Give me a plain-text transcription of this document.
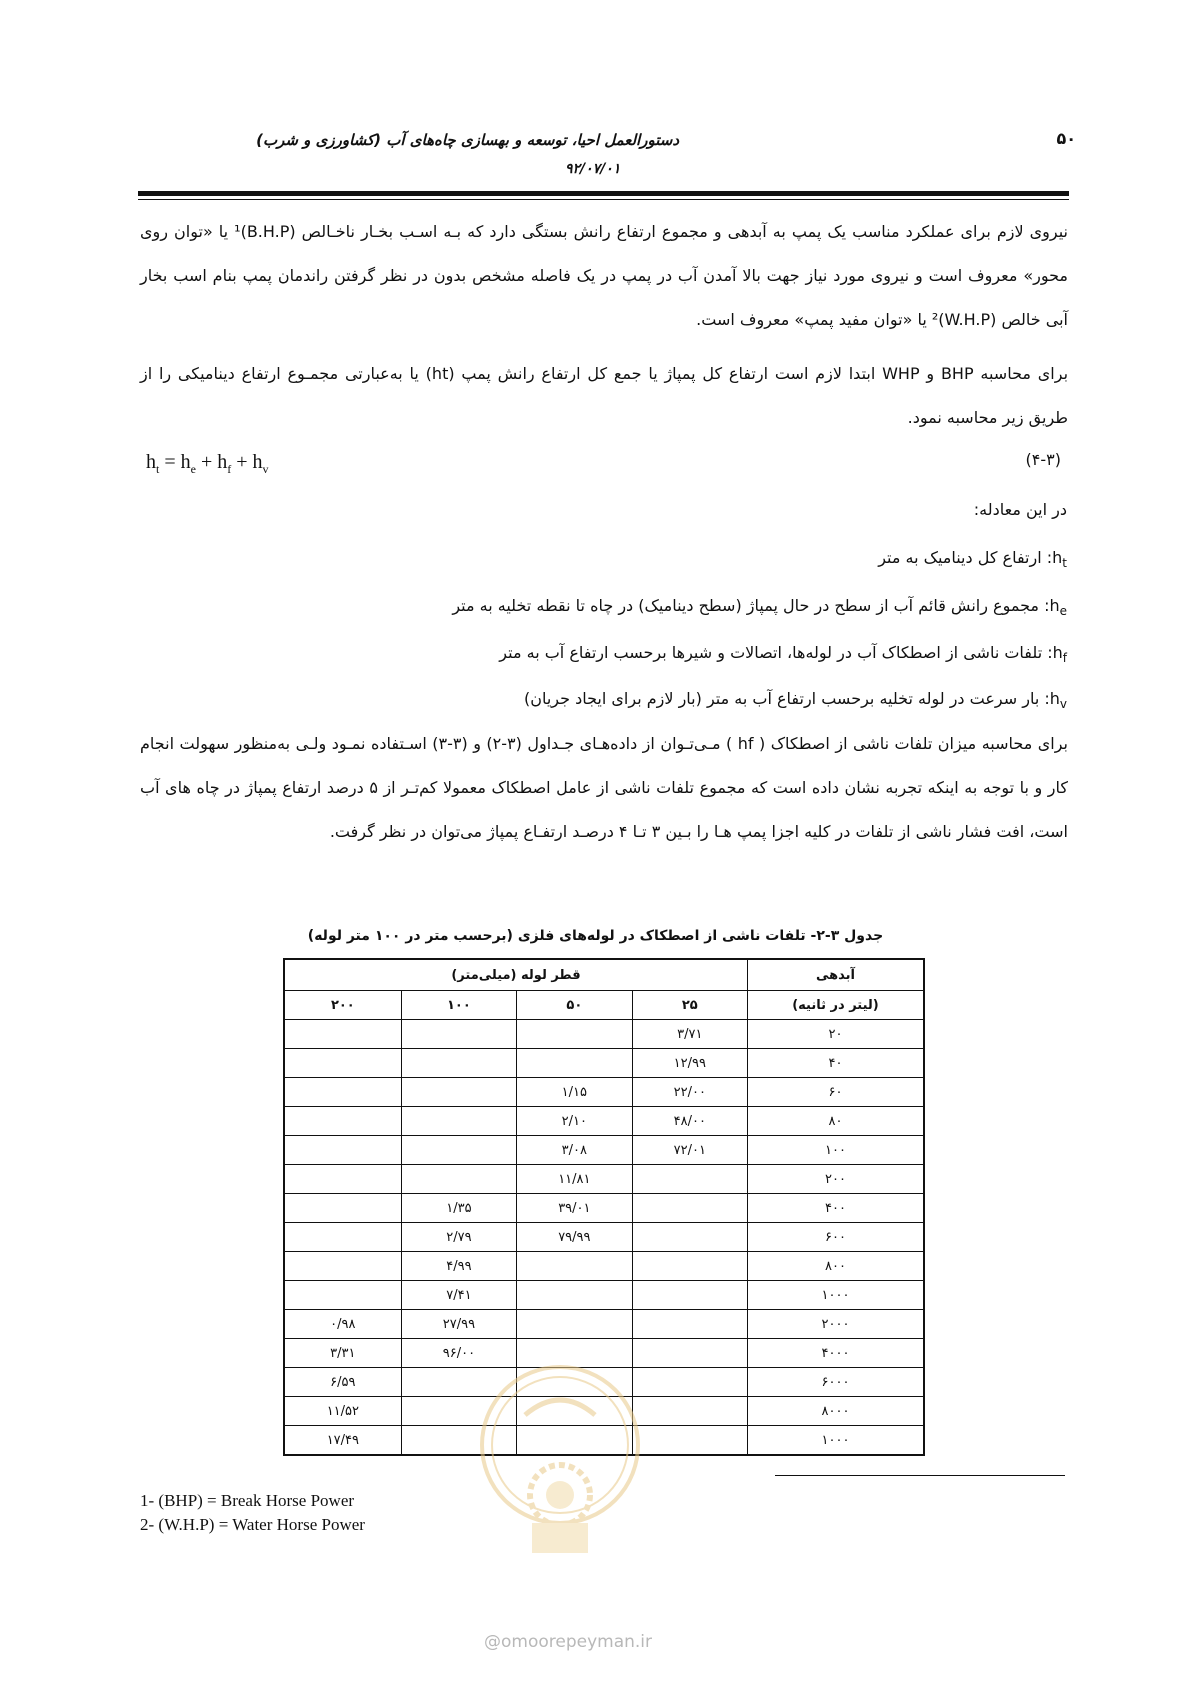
دستورالعمل احیا، توسعه و بهسازی چاه‌های آب (کشاورزی و شرب)	۵۰
۹۲/۰۷/۰۱
نیروی لازم برای عملکرد مناسب یک پمپ به آبدهی و مجموع ارتفاع رانش بستگی دارد که بـه اسـب بخـار ناخـالص (B.H.P)¹ یا «توان روی محور» معروف است و نیروی مورد نیاز جهت بالا آمدن آب در پمپ در یک فاصله مشخص بدون در نظر گرفتن راندمان پمپ بنام اسب بخار آبی خالص (W.H.P)² یا «توان مفید پمپ» معروف است.
برای محاسبه BHP و WHP ابتدا لازم است ارتفاع کل پمپاژ یا جمع کل ارتفاع رانش پمپ (ht) یا به‌عبارتی مجمـوع ارتفاع دینامیکی را از طریق زیر محاسبه نمود.
$h_t = h_e + h_f + h_v$	(۴-۳)
در این معادله:
$h_t$: ارتفاع کل دینامیک به متر
$h_e$: مجموع رانش قائم آب از سطح در حال پمپاژ (سطح دینامیک) در چاه تا نقطه تخلیه به متر
$h_f$: تلفات ناشی از اصطکاک آب در لوله‌ها، اتصالات و شیرها برحسب ارتفاع آب به متر
$h_v$: بار سرعت در لوله تخلیه برحسب ارتفاع آب به متر (بار لازم برای ایجاد جریان)
برای محاسبه میزان تلفات ناشی از اصطکاک ( hf ) مـی‌تـوان از داده‌هـای جـداول (۳-۲) و (۳-۳) اسـتفاده نمـود ولـی به‌منظور سهولت انجام کار و با توجه به اینکه تجربه نشان داده است که مجموع تلفات ناشی از عامل اصطکاک معمولا کم‌تـر از ۵ درصد ارتفاع پمپاژ در چاه های آب است، افت فشار ناشی از تلفات در کلیه اجزا پمپ هـا را بـین ۳ تـا ۴ درصـد ارتفـاع پمپاژ می‌توان در نظر گرفت.
جدول ۳-۲- تلفات ناشی از اصطکاک در لوله‌های فلزی (برحسب متر در ۱۰۰ متر لوله)
آبدهی	قطر لوله (میلی‌متر)			
(لیتر در ثانیه)	۲۵	۵۰	۱۰۰	۲۰۰
۲۰	۳/۷۱			
۴۰	۱۲/۹۹			
۶۰	۲۲/۰۰	۱/۱۵		
۸۰	۴۸/۰۰	۲/۱۰		
۱۰۰	۷۲/۰۱	۳/۰۸		
۲۰۰		۱۱/۸۱		
۴۰۰		۳۹/۰۱	۱/۳۵	
۶۰۰		۷۹/۹۹	۲/۷۹	
۸۰۰			۴/۹۹	
۱۰۰۰			۷/۴۱	
۲۰۰۰			۲۷/۹۹	۰/۹۸
۴۰۰۰			۹۶/۰۰	۳/۳۱
۶۰۰۰				۶/۵۹
۸۰۰۰				۱۱/۵۲
۱۰۰۰				۱۷/۴۹
1- (BHP) = Break Horse Power
2- (W.H.P) = Water Horse Power
@omoorepeyman.ir
